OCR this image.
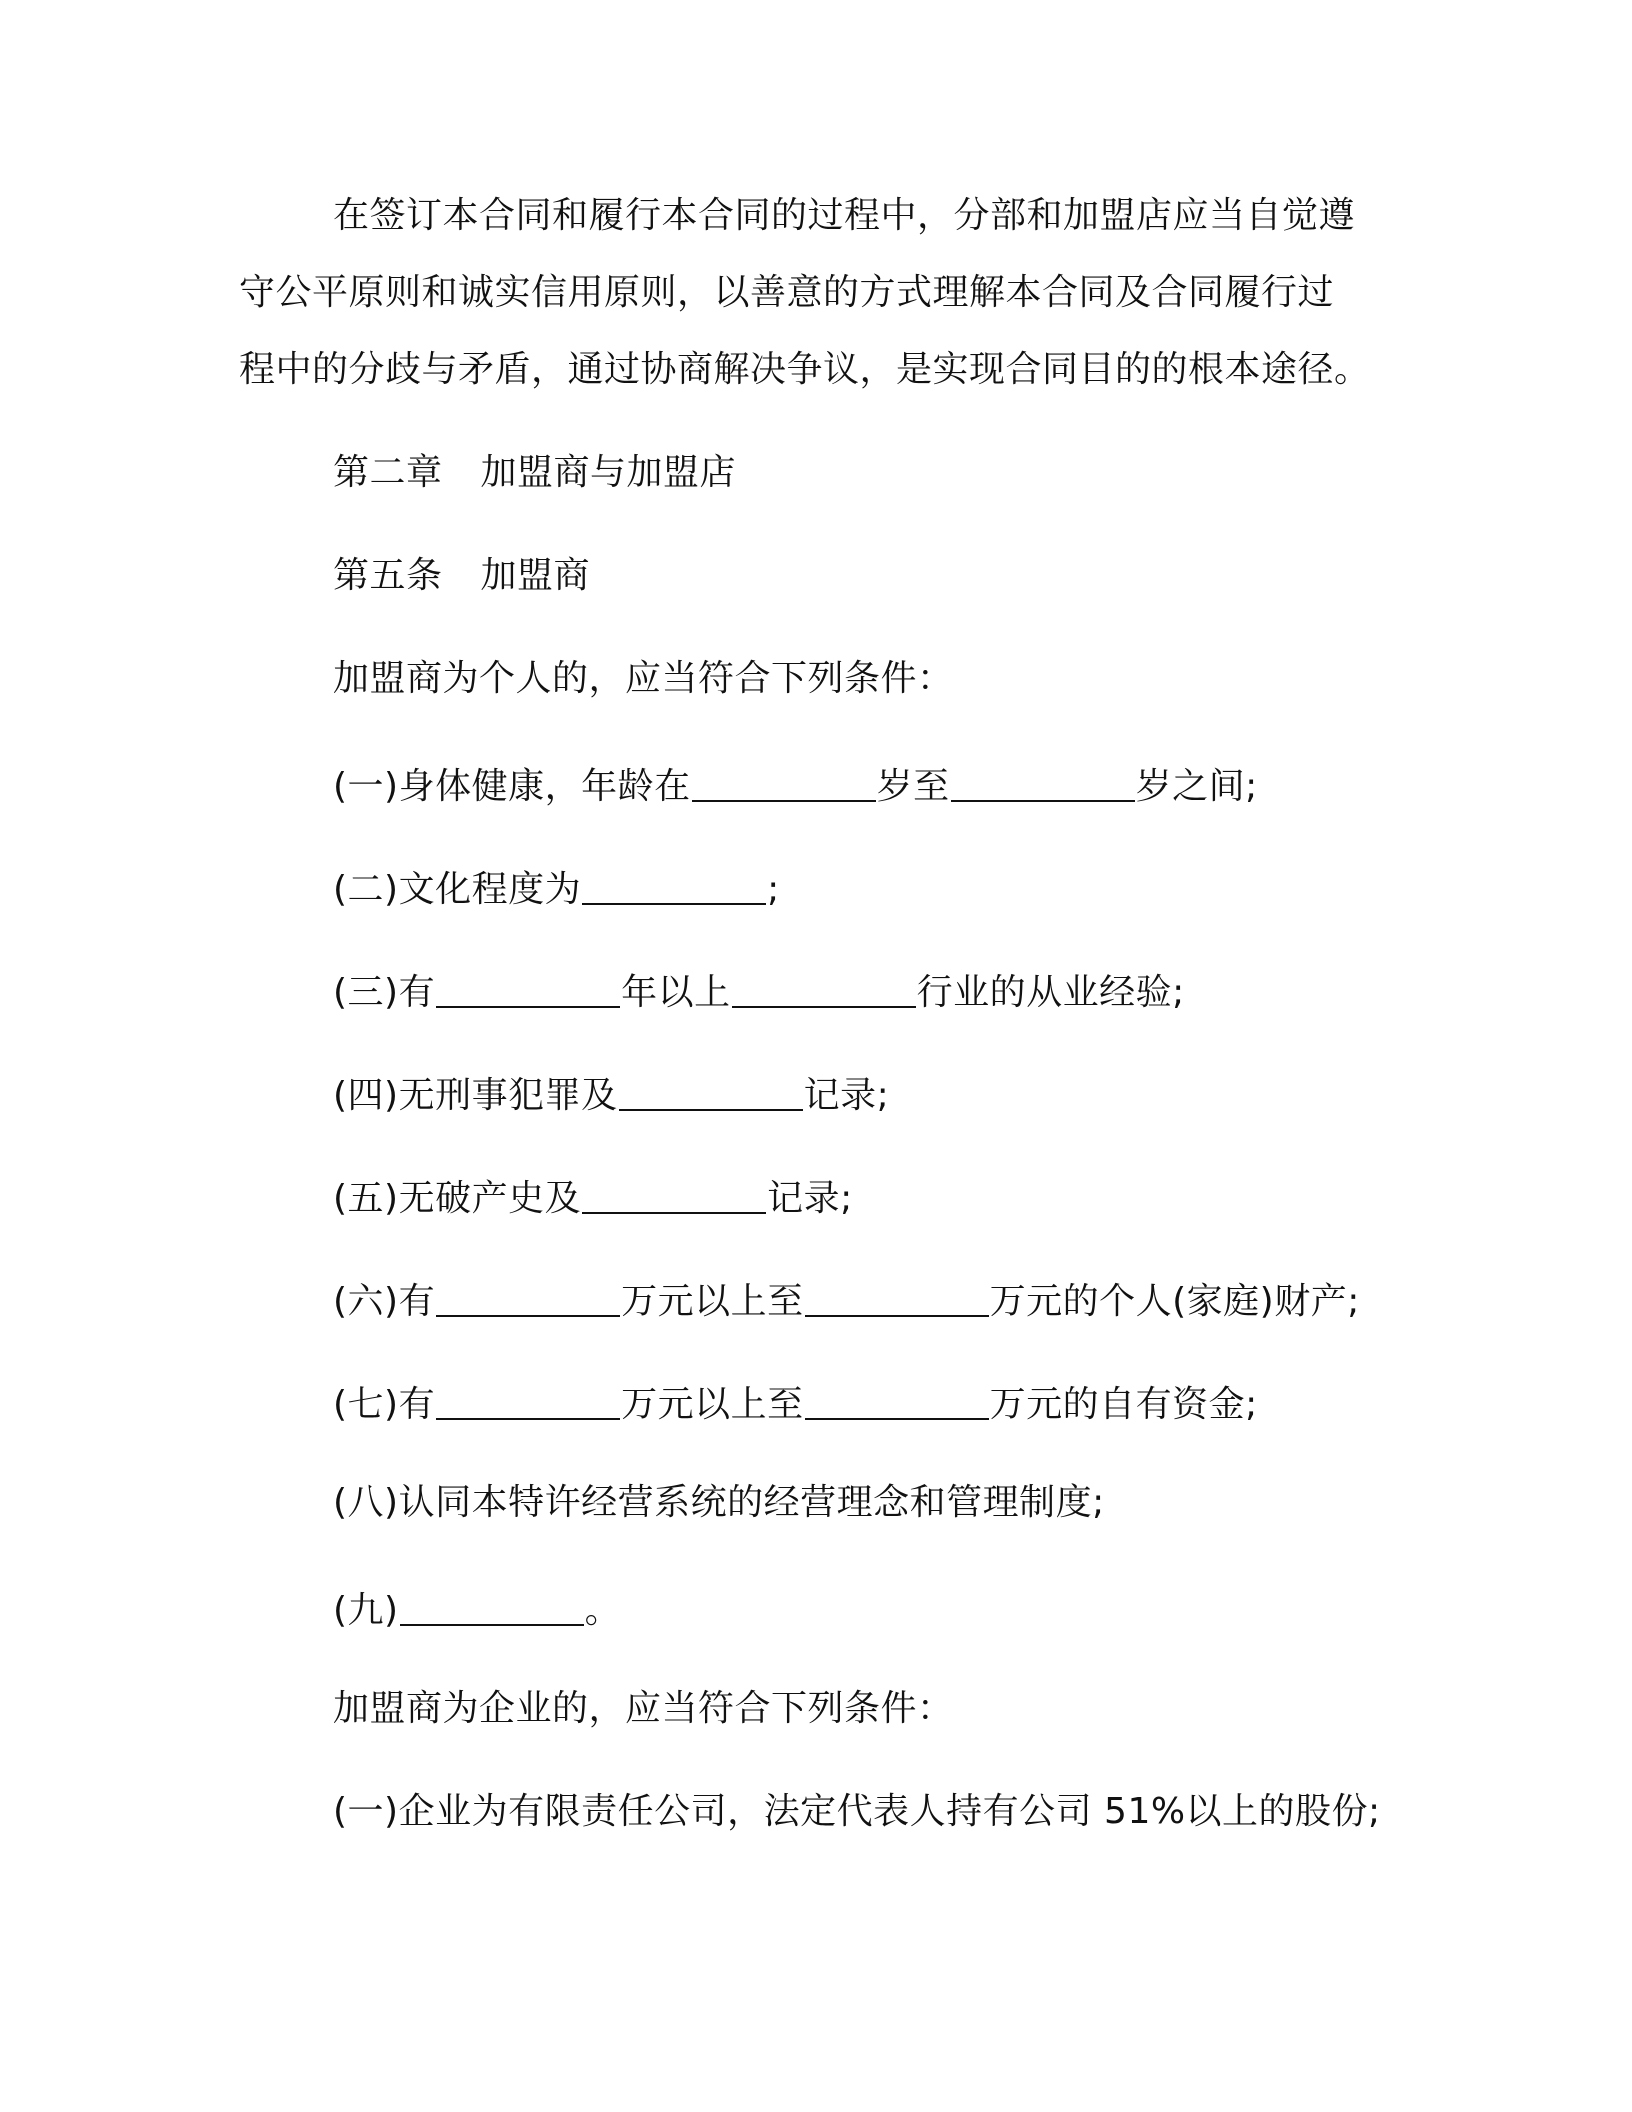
在签订本合同和履行本合同的过程中，分部和加盟店应当自觉遵
守公平原则和诚实信用原则，以善意的方式理解本合同及合同履行过
程中的分歧与矛盾，通过协商解决争议，是实现合同目的的根本途径。
第二章 加盟商与加盟店
第五条 加盟商
加盟商为个人的，应当符合下列条件：
(一)身体健康，年龄在	岁至	岁之间;
(二)文化程度为	;
(三)有	年以上	行业的从业经验;
(四)无刑事犯罪及	记录;
(五)无破产史及	记录;
(六)有	万元以上至	万元的个人(家庭)财产;
(七)有	万元以上至	万元的自有资金;
(八)认同本特许经营系统的经营理念和管理制度;
(九)	。
加盟商为企业的，应当符合下列条件：
(一)企业为有限责任公司，法定代表人持有公司 51%以上的股份;
